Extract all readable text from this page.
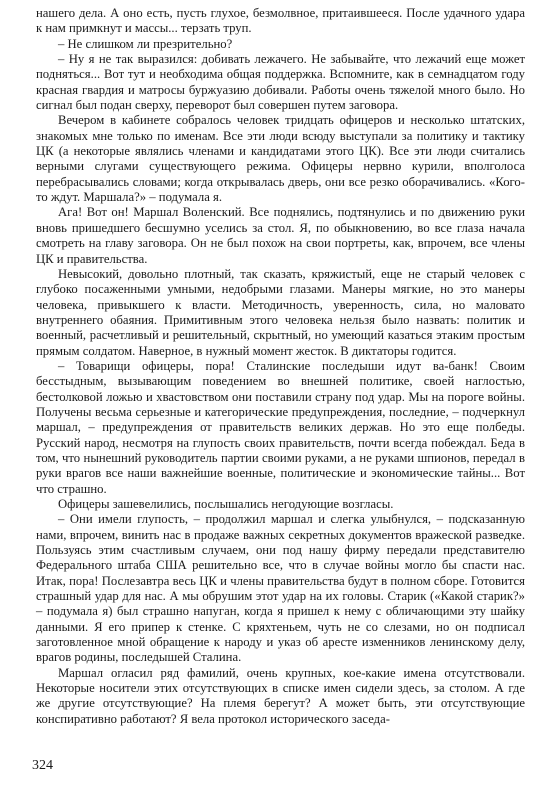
нашего дела. А оно есть, пусть глухое, безмолвное, притаившееся. После удачного удара к нам примкнут и массы... терзать труп.

– Не слишком ли презрительно?

– Ну я не так выразился: добивать лежачего. Не забывайте, что лежачий еще может подняться... Вот тут и необходима общая поддержка. Вспомните, как в семнадцатом году красная гвардия и матросы буржуазию добивали. Работы очень тяжелой много было. Но сигнал был подан сверху, переворот был совершен путем заговора.

Вечером в кабинете собралось человек тридцать офицеров и несколько штатских, знакомых мне только по именам. Все эти люди всюду выступали за политику и тактику ЦК (а некоторые являлись членами и кандидатами этого ЦК). Все эти люди считались верными слугами существующего режима. Офицеры нервно курили, вполголоса перебрасывались словами; когда открывалась дверь, они все резко оборачивались. «Кого-то ждут. Маршала?» – подумала я.

Ага! Вот он! Маршал Воленский. Все поднялись, подтянулись и по движению руки вновь пришедшего бесшумно уселись за стол. Я, по обыкновению, во все глаза начала смотреть на главу заговора. Он не был похож на свои портреты, как, впрочем, все члены ЦК и правительства.

Невысокий, довольно плотный, так сказать, кряжистый, еще не старый человек с глубоко посаженными умными, недобрыми глазами. Манеры мягкие, но это манеры человека, привыкшего к власти. Методичность, уверенность, сила, но маловато внутреннего обаяния. Примитивным этого человека нельзя было назвать: политик и военный, расчетливый и решительный, скрытный, но умеющий казаться этаким простым прямым солдатом. Наверное, в нужный момент жесток. В диктаторы годится.

– Товарищи офицеры, пора! Сталинские последыши идут ва-банк! Своим бесстыдным, вызывающим поведением во внешней политике, своей наглостью, бестолковой ложью и хвастовством они поставили страну под удар. Мы на пороге войны. Получены весьма серьезные и категорические предупреждения, последние, – подчеркнул маршал, – предупреждения от правительств великих держав. Но это еще полбеды. Русский народ, несмотря на глупость своих правительств, почти всегда побеждал. Беда в том, что нынешний руководитель партии своими руками, а не руками шпионов, передал в руки врагов все наши важнейшие военные, политические и экономические тайны... Вот что страшно.

Офицеры зашевелились, послышались негодующие возгласы.

– Они имели глупость, – продолжил маршал и слегка улыбнулся, – подсказанную нами, впрочем, винить нас в продаже важных секретных документов вражеской разведке. Пользуясь этим счастливым случаем, они под нашу фирму передали представителю Федерального штаба США решительно все, что в случае войны могло бы спасти нас. Итак, пора! Послезавтра весь ЦК и члены правительства будут в полном сборе. Готовится страшный удар для нас. А мы обрушим этот удар на их головы. Старик («Какой старик?» – подумала я) был страшно напуган, когда я пришел к нему с обличающими эту шайку данными. Я его припер к стенке. С кряхтеньем, чуть не со слезами, но он подписал заготовленное мной обращение к народу и указ об аресте изменников ленинскому делу, врагов родины, последышей Сталина.

Маршал огласил ряд фамилий, очень крупных, кое-какие имена отсутствовали. Некоторые носители этих отсутствующих в списке имен сидели здесь, за столом. А где же другие отсутствующие? На племя берегут? А может быть, эти отсутствующие конспиративно работают? Я вела протокол исторического заседа-

324
